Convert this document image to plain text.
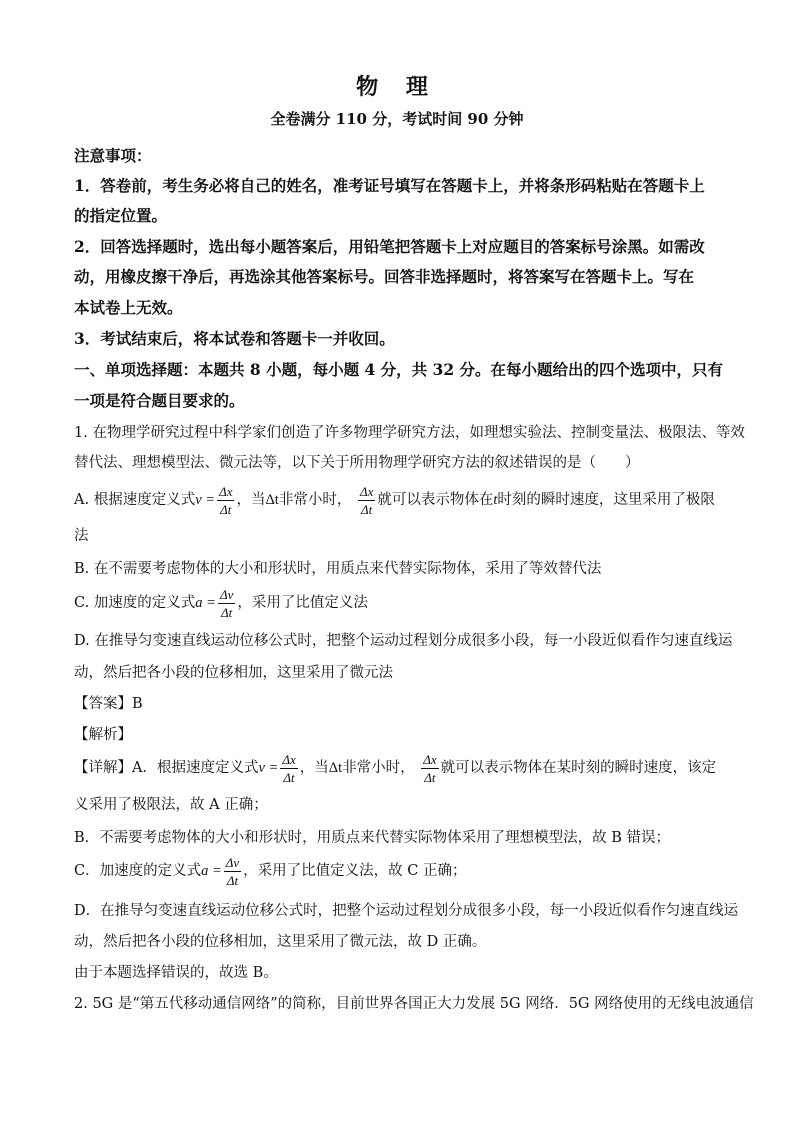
物 理
全卷满分 110 分，考试时间 90 分钟
注意事项：
1．答卷前，考生务必将自己的姓名，准考证号填写在答题卡上，并将条形码粘贴在答题卡上
的指定位置。
2．回答选择题时，选出每小题答案后，用铅笔把答题卡上对应题目的答案标号涂黑。如需改
动，用橡皮擦干净后，再选涂其他答案标号。回答非选择题时，将答案写在答题卡上。写在
本试卷上无效。
3．考试结束后，将本试卷和答题卡一并收回。
一、单项选择题：本题共 8 小题，每小题 4 分，共 32 分。在每小题给出的四个选项中，只有
一项是符合题目要求的。
1. 在物理学研究过程中科学家们创造了许多物理学研究方法，如理想实验法、控制变量法、极限法、等效
替代法、理想模型法、微元法等，以下关于所用物理学研究方法的叙述错误的是（　　）
A. 根据速度定义式$v = \frac{\Delta x}{\Delta t}$ ，当Δt非常小时， $\frac{\Delta x}{\Delta t}$ 就可以表示物体在t时刻的瞬时速度，这里采用了极限
法
B. 在不需要考虑物体的大小和形状时，用质点来代替实际物体，采用了等效替代法
C. 加速度的定义式$a = \frac{\Delta v}{\Delta t}$ ，采用了比值定义法
D. 在推导匀变速直线运动位移公式时，把整个运动过程划分成很多小段，每一小段近似看作匀速直线运
动，然后把各小段的位移相加，这里采用了微元法
【答案】B
【解析】
【详解】A．根据速度定义式$v = \frac{\Delta x}{\Delta t}$ ，当Δt非常小时， $\frac{\Delta x}{\Delta t}$ 就可以表示物体在某时刻的瞬时速度，该定
义采用了极限法，故 A 正确；
B．不需要考虑物体的大小和形状时，用质点来代替实际物体采用了理想模型法，故 B 错误；
C．加速度的定义式$a = \frac{\Delta v}{\Delta t}$ ，采用了比值定义法，故 C 正确；
D．在推导匀变速直线运动位移公式时，把整个运动过程划分成很多小段，每一小段近似看作匀速直线运
动，然后把各小段的位移相加，这里采用了微元法，故 D 正确。
由于本题选择错误的，故选 B。
2. 5G 是“第五代移动通信网络”的简称，目前世界各国正大力发展 5G 网络．5G 网络使用的无线电波通信
